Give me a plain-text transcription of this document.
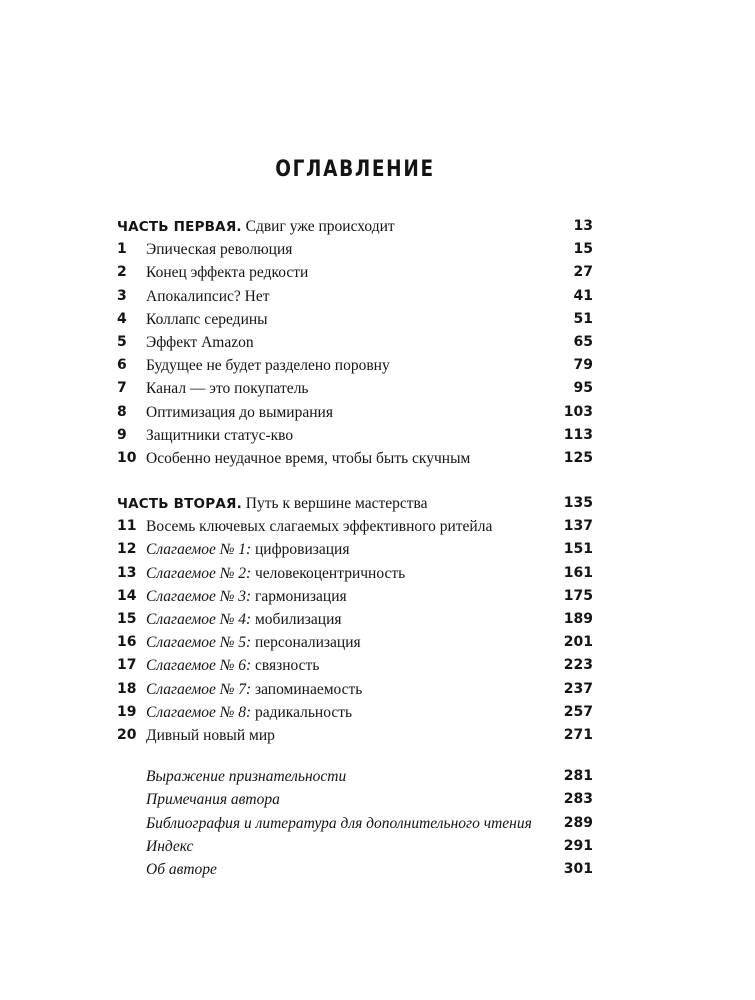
ОГЛАВЛЕНИЕ
ЧАСТЬ ПЕРВАЯ. Сдвиг уже происходит	13
1 Эпическая революция	15
2 Конец эффекта редкости	27
3 Апокалипсис? Нет	41
4 Коллапс середины	51
5 Эффект Amazon	65
6 Будущее не будет разделено поровну	79
7 Канал — это покупатель	95
8 Оптимизация до вымирания	103
9 Защитники статус-кво	113
10 Особенно неудачное время, чтобы быть скучным	125
ЧАСТЬ ВТОРАЯ. Путь к вершине мастерства	135
11 Восемь ключевых слагаемых эффективного ритейла	137
12 Слагаемое № 1: цифровизация	151
13 Слагаемое № 2: человекоцентричность	161
14 Слагаемое № 3: гармонизация	175
15 Слагаемое № 4: мобилизация	189
16 Слагаемое № 5: персонализация	201
17 Слагаемое № 6: связность	223
18 Слагаемое № 7: запоминаемость	237
19 Слагаемое № 8: радикальность	257
20 Дивный новый мир	271
Выражение признательности	281
Примечания автора	283
Библиография и литература для дополнительного чтения 289
Индекс	291
Об авторе	301
